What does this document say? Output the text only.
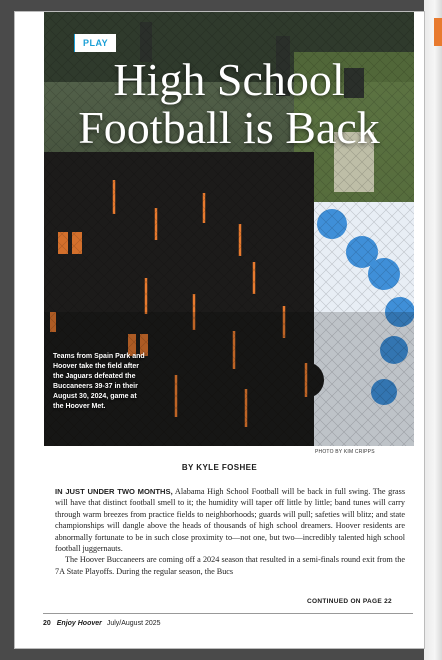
PLAY
High School
Football is Back
Teams from Spain Park and Hoover take the field after the Jaguars defeated the Buccaneers 39-37 in their August 30, 2024, game at the Hoover Met.
PHOTO BY KIM CRIPPS
BY KYLE FOSHEE

IN JUST UNDER TWO MONTHS, Alabama High School Football will be back in full swing. The grass will have that distinct football smell to it; the humidity will taper off little by little; band tunes will carry through warm breezes from practice fields to neighborhoods; guards will pull; safeties will blitz; and state championships will dangle above the heads of thousands of high school dreamers. Hoover residents are abnormally fortunate to be in such close proximity to—not one, but two—incredibly talented high school football juggernauts.

The Hoover Buccaneers are coming off a 2024 season that resulted in a semi-finals round exit from the 7A State Playoffs. During the regular season, the Bucs

CONTINUED ON PAGE 22
20 Enjoy Hoover July/August 2025
